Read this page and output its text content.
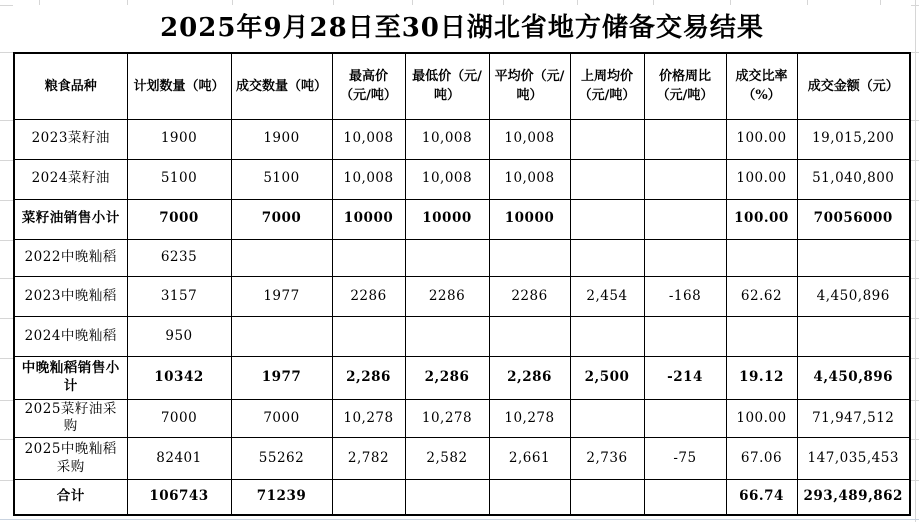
2025年9月28日至30日湖北省地方储备交易结果
粮食品种	计划数量（吨）	成交数量（吨）	最高价（元/吨）	最低价（元/吨）	平均价（元/吨）	上周均价（元/吨）	价格周比（元/吨）	成交比率（%）	成交金额（元）
2023菜籽油	1900	1900	10,008	10,008	10,008			100.00	19,015,200
2024菜籽油	5100	5100	10,008	10,008	10,008			100.00	51,040,800
菜籽油销售小计	7000	7000	10000	10000	10000			100.00	70056000
2022中晚籼稻	6235								
2023中晚籼稻	3157	1977	2286	2286	2286	2,454	-168	62.62	4,450,896
2024中晚籼稻	950								
中晚籼稻销售小计	10342	1977	2,286	2,286	2,286	2,500	-214	19.12	4,450,896
2025菜籽油采购	7000	7000	10,278	10,278	10,278			100.00	71,947,512
2025中晚籼稻采购	82401	55262	2,782	2,582	2,661	2,736	-75	67.06	147,035,453
合计	106743	71239						66.74	293,489,862
